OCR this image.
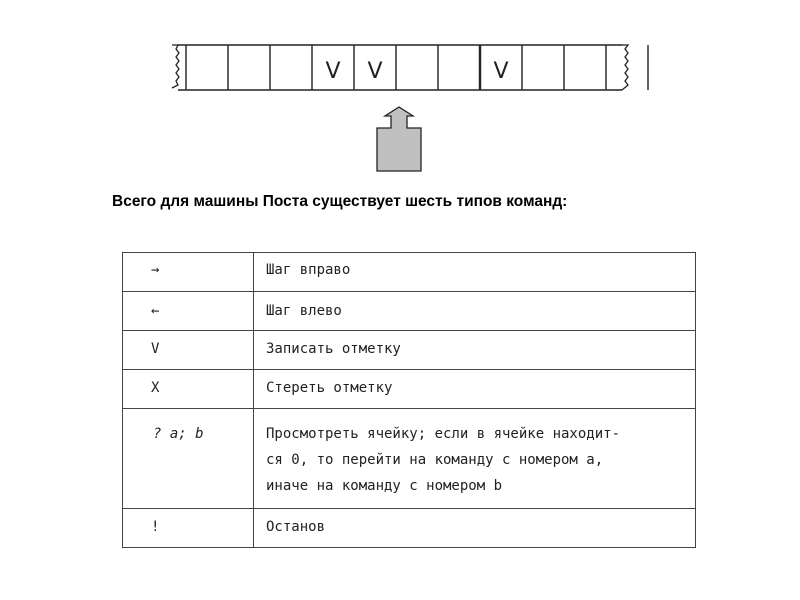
V V	V
Всего для машины Поста существует шесть типов команд:
→	Шаг вправо

←	Шаг влево

V	Записать отметку

X	Стереть отметку

? a; b	Просмотреть ячейку; если в ячейке находит-
ся 0, то перейти на команду с номером a,
иначе на команду с номером b

!	Останов
